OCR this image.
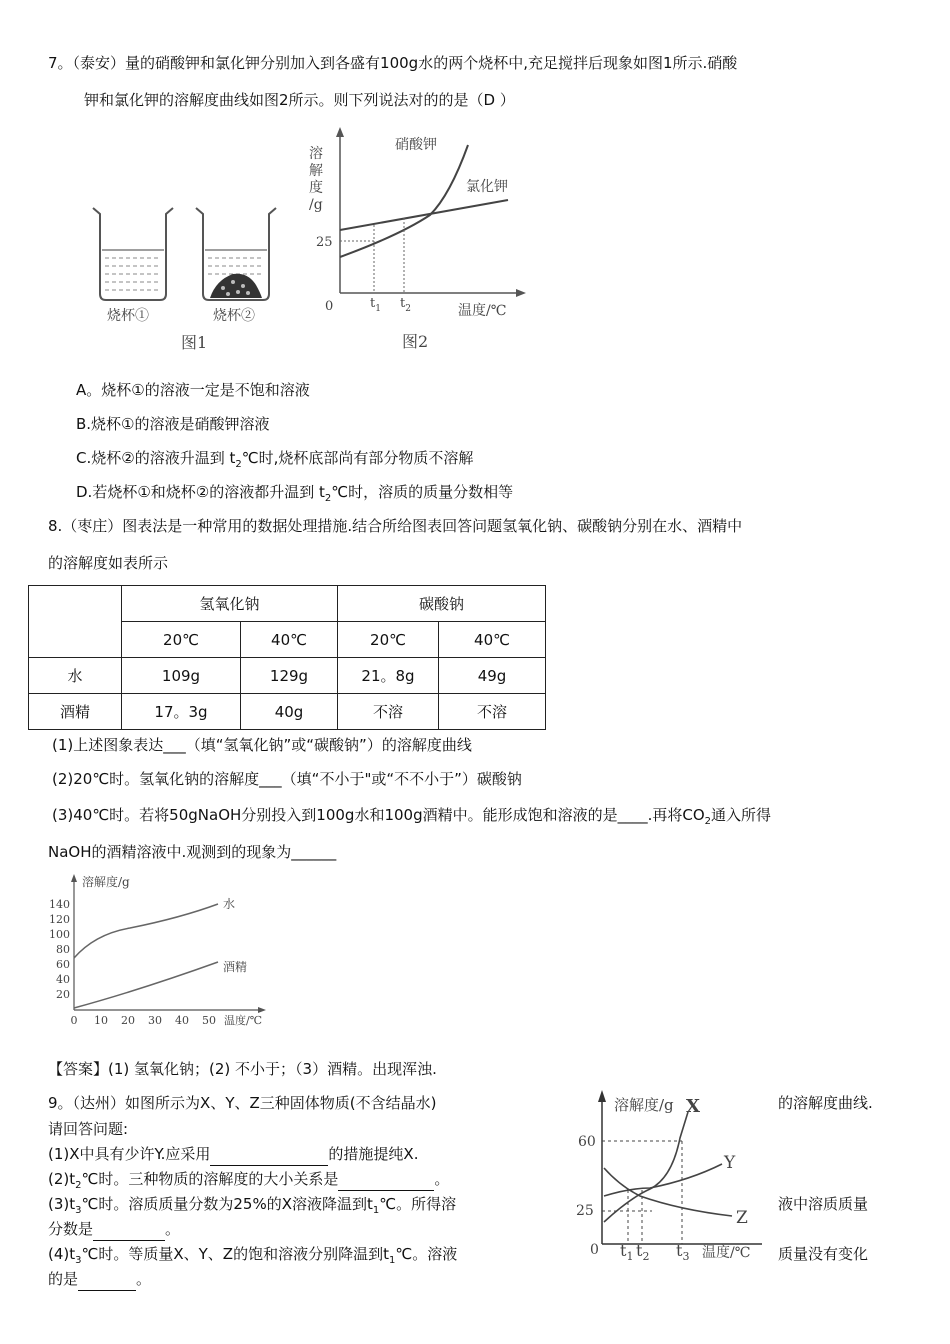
7。（泰安）量的硝酸钾和氯化钾分别加入到各盛有100g水的两个烧杯中,充足搅拌后现象如图1所示.硝酸
钾和氯化钾的溶解度曲线如图2所示。则下列说法对的的是（D ）
烧杯①	烧杯②
图1
溶
解
度
/g
25
0	$t_1$ $t_2$	温度/℃
硝酸钾
氯化钾
图2
A。烧杯①的溶液一定是不饱和溶液
B.烧杯①的溶液是硝酸钾溶液
C.烧杯②的溶液升温到 $t_2℃$时,烧杯底部尚有部分物质不溶解
D.若烧杯①和烧杯②的溶液都升温到 $t_2℃$时，溶质的质量分数相等
8.（枣庄）图表法是一种常用的数据处理措施.结合所给图表回答问题氢氧化钠、碳酸钠分别在水、酒精中
的溶解度如表所示
	氢氧化钠		碳酸钠	
	20℃	40℃	20℃	40℃
水	109g	129g	21。8g	49g
酒精	17。3g	40g	不溶	不溶
(1)上述图象表达___（填“氢氧化钠”或“碳酸钠”）的溶解度曲线
(2)20℃时。氢氧化钠的溶解度___（填“不小于"或“不不小于”）碳酸钠
(3)40℃时。若将50gNaOH分别投入到100g水和100g酒精中。能形成饱和溶液的是____.再将$CO_2$通入所得
NaOH的酒精溶液中.观测到的现象为______
溶解度/g
140
120
100
80
60
40
20
0 10 20 30 40 50 温度/℃
水
酒精
【答案】(1) 氢氧化钠；(2) 不小于；（3）酒精。出现浑浊.
9。（达州）如图所示为X、Y、Z三种固体物质(不含结晶水)	的溶解度曲线.
请回答问题:
(1)X中具有少许Y.应采用	的措施提纯X.
$(2)t_2℃$时。三种物质的溶解度的大小关系是	。
$(3)t_3℃$时。溶质质量分数为25%的X溶液降温到$t_1℃$。所得溶	液中溶质质量
分数是	。
$(4)t_3℃$时。等质量X、Y、Z的饱和溶液分别降温到$t_1℃$。溶液	质量没有变化
的是	。
溶解度/g X
60
25
0
Y
Z
$t_1$ $t_2$ $t_3$ 温度/℃
